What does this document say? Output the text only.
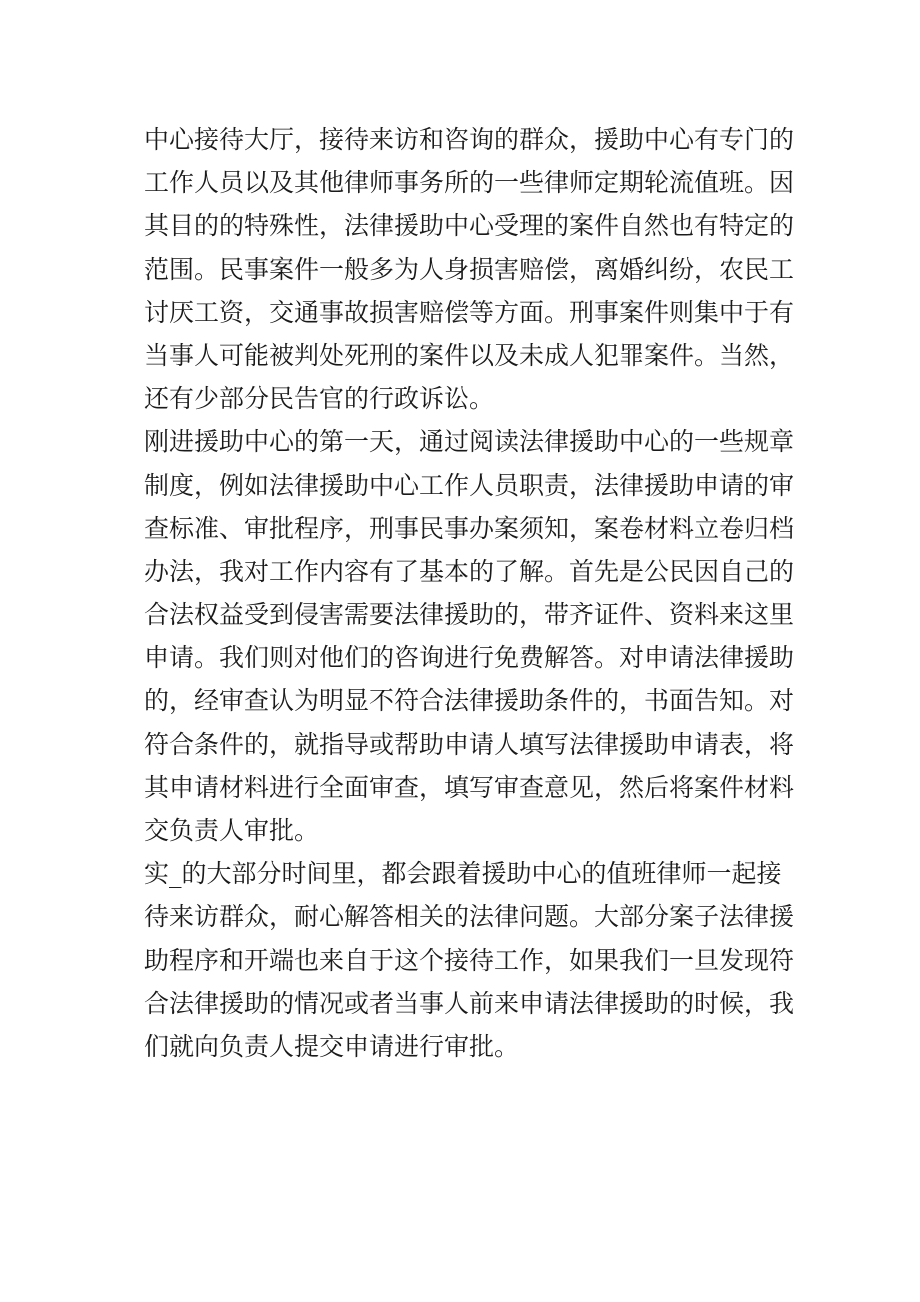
中心接待大厅，接待来访和咨询的群众，援助中心有专门的
工作人员以及其他律师事务所的一些律师定期轮流值班。因
其目的的特殊性，法律援助中心受理的案件自然也有特定的
范围。民事案件一般多为人身损害赔偿，离婚纠纷，农民工
讨厌工资，交通事故损害赔偿等方面。刑事案件则集中于有
当事人可能被判处死刑的案件以及未成人犯罪案件。当然，
还有少部分民告官的行政诉讼。
刚进援助中心的第一天，通过阅读法律援助中心的一些规章
制度，例如法律援助中心工作人员职责，法律援助申请的审
查标准、审批程序，刑事民事办案须知，案卷材料立卷归档
办法，我对工作内容有了基本的了解。首先是公民因自己的
合法权益受到侵害需要法律援助的，带齐证件、资料来这里
申请。我们则对他们的咨询进行免费解答。对申请法律援助
的，经审查认为明显不符合法律援助条件的，书面告知。对
符合条件的，就指导或帮助申请人填写法律援助申请表，将
其申请材料进行全面审查，填写审查意见，然后将案件材料
交负责人审批。
实_的大部分时间里，都会跟着援助中心的值班律师一起接
待来访群众，耐心解答相关的法律问题。大部分案子法律援
助程序和开端也来自于这个接待工作，如果我们一旦发现符
合法律援助的情况或者当事人前来申请法律援助的时候，我
们就向负责人提交申请进行审批。
